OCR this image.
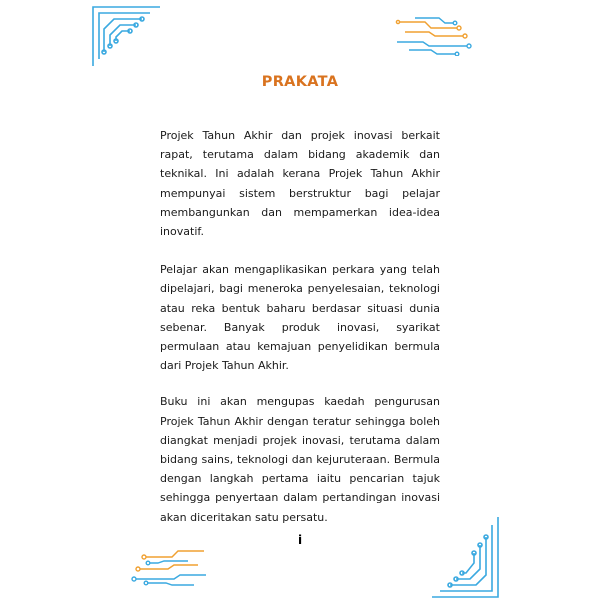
PRAKATA

Projek Tahun Akhir dan projek inovasi berkait rapat, terutama dalam bidang akademik dan teknikal. Ini adalah kerana Projek Tahun Akhir mempunyai sistem berstruktur bagi pelajar membangunkan dan mempamerkan idea-idea inovatif.

Pelajar akan mengaplikasikan perkara yang telah dipelajari, bagi meneroka penyelesaian, teknologi atau reka bentuk baharu berdasar situasi dunia sebenar. Banyak produk inovasi, syarikat permulaan atau kemajuan penyelidikan bermula dari Projek Tahun Akhir.

Buku ini akan mengupas kaedah pengurusan Projek Tahun Akhir dengan teratur sehingga boleh diangkat menjadi projek inovasi, terutama dalam bidang sains, teknologi dan kejuruteraan. Bermula dengan langkah pertama iaitu pencarian tajuk sehingga penyertaan dalam pertandingan inovasi akan diceritakan satu persatu.

i
